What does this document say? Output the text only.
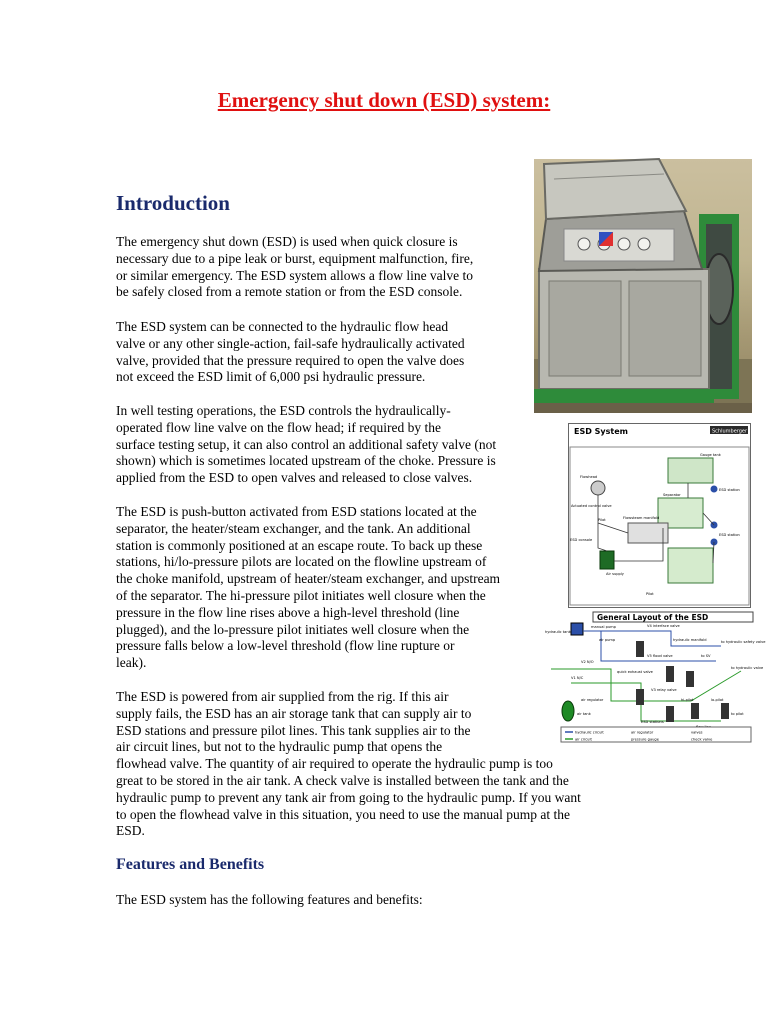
Emergency shut down (ESD) system:
Introduction
The emergency shut down (ESD) is used when quick closure is
necessary due to a pipe leak or burst, equipment malfunction, fire,
or similar emergency. The ESD system allows a flow line valve to
be safely closed from a remote station or from the ESD console.
The ESD system can be connected to the hydraulic flow head
valve or any other single-action, fail-safe hydraulically activated
valve, provided that the pressure required to open the valve does
not exceed the ESD limit of 6,000 psi hydraulic pressure.
In well testing operations, the ESD controls the hydraulically-
operated flow line valve on the flow head; if required by the
surface testing setup, it can also control an additional safety valve (not
shown) which is sometimes located upstream of the choke. Pressure is
applied from the ESD to open valves and released to close valves.
The ESD is push-button activated from ESD stations located at the
separator, the heater/steam exchanger, and the tank. An additional
station is commonly positioned at an escape route. To back up these
stations, hi/lo-pressure pilots are located on the flowline upstream of
the choke manifold, upstream of heater/steam exchanger, and upstream
of the separator. The hi-pressure pilot initiates well closure when the
pressure in the flow line rises above a high-level threshold (line
plugged), and the lo-pressure pilot initiates well closure when the
pressure falls below a low-level threshold (flow line rupture or
leak).
The ESD is powered from air supplied from the rig. If this air
supply fails, the ESD has an air storage tank that can supply air to
ESD stations and pressure pilot lines. This tank supplies air to the
air circuit lines, but not to the hydraulic pump that opens the
flowhead valve. The quantity of air required to operate the hydraulic pump is too
great to be stored in the air tank. A check valve is installed between the tank and the
hydraulic pump to prevent any tank air from going to the hydraulic pump. If you want
to open the flowhead valve in this situation, you need to use the manual pump at the
ESD.
Features and Benefits
The ESD system has the following features and benefits:
ESD System	Schlumberger
Gauge tank
Flowhead
Separator
ESD station
Pilot	Flowsteam manifold
ESD station
ESD console
Air supply
Pilot
Actuated control valve
General Layout of the ESD
hydraulic tank
manual pump
air pump
V4 interface valve
hydraulic manifold	to hydraulic safety valve
V5 flood valve	to SV
quick exhaust valve
V2 N/O
V3 relay valve
to hydraulic valve
ESD stations
air tank
air regulator
V1 N/C
hi-pilot	lo-pilot
to pilot
hydraulic circuit	air regulator	valves
air circuit	pressure gauge	check valve
